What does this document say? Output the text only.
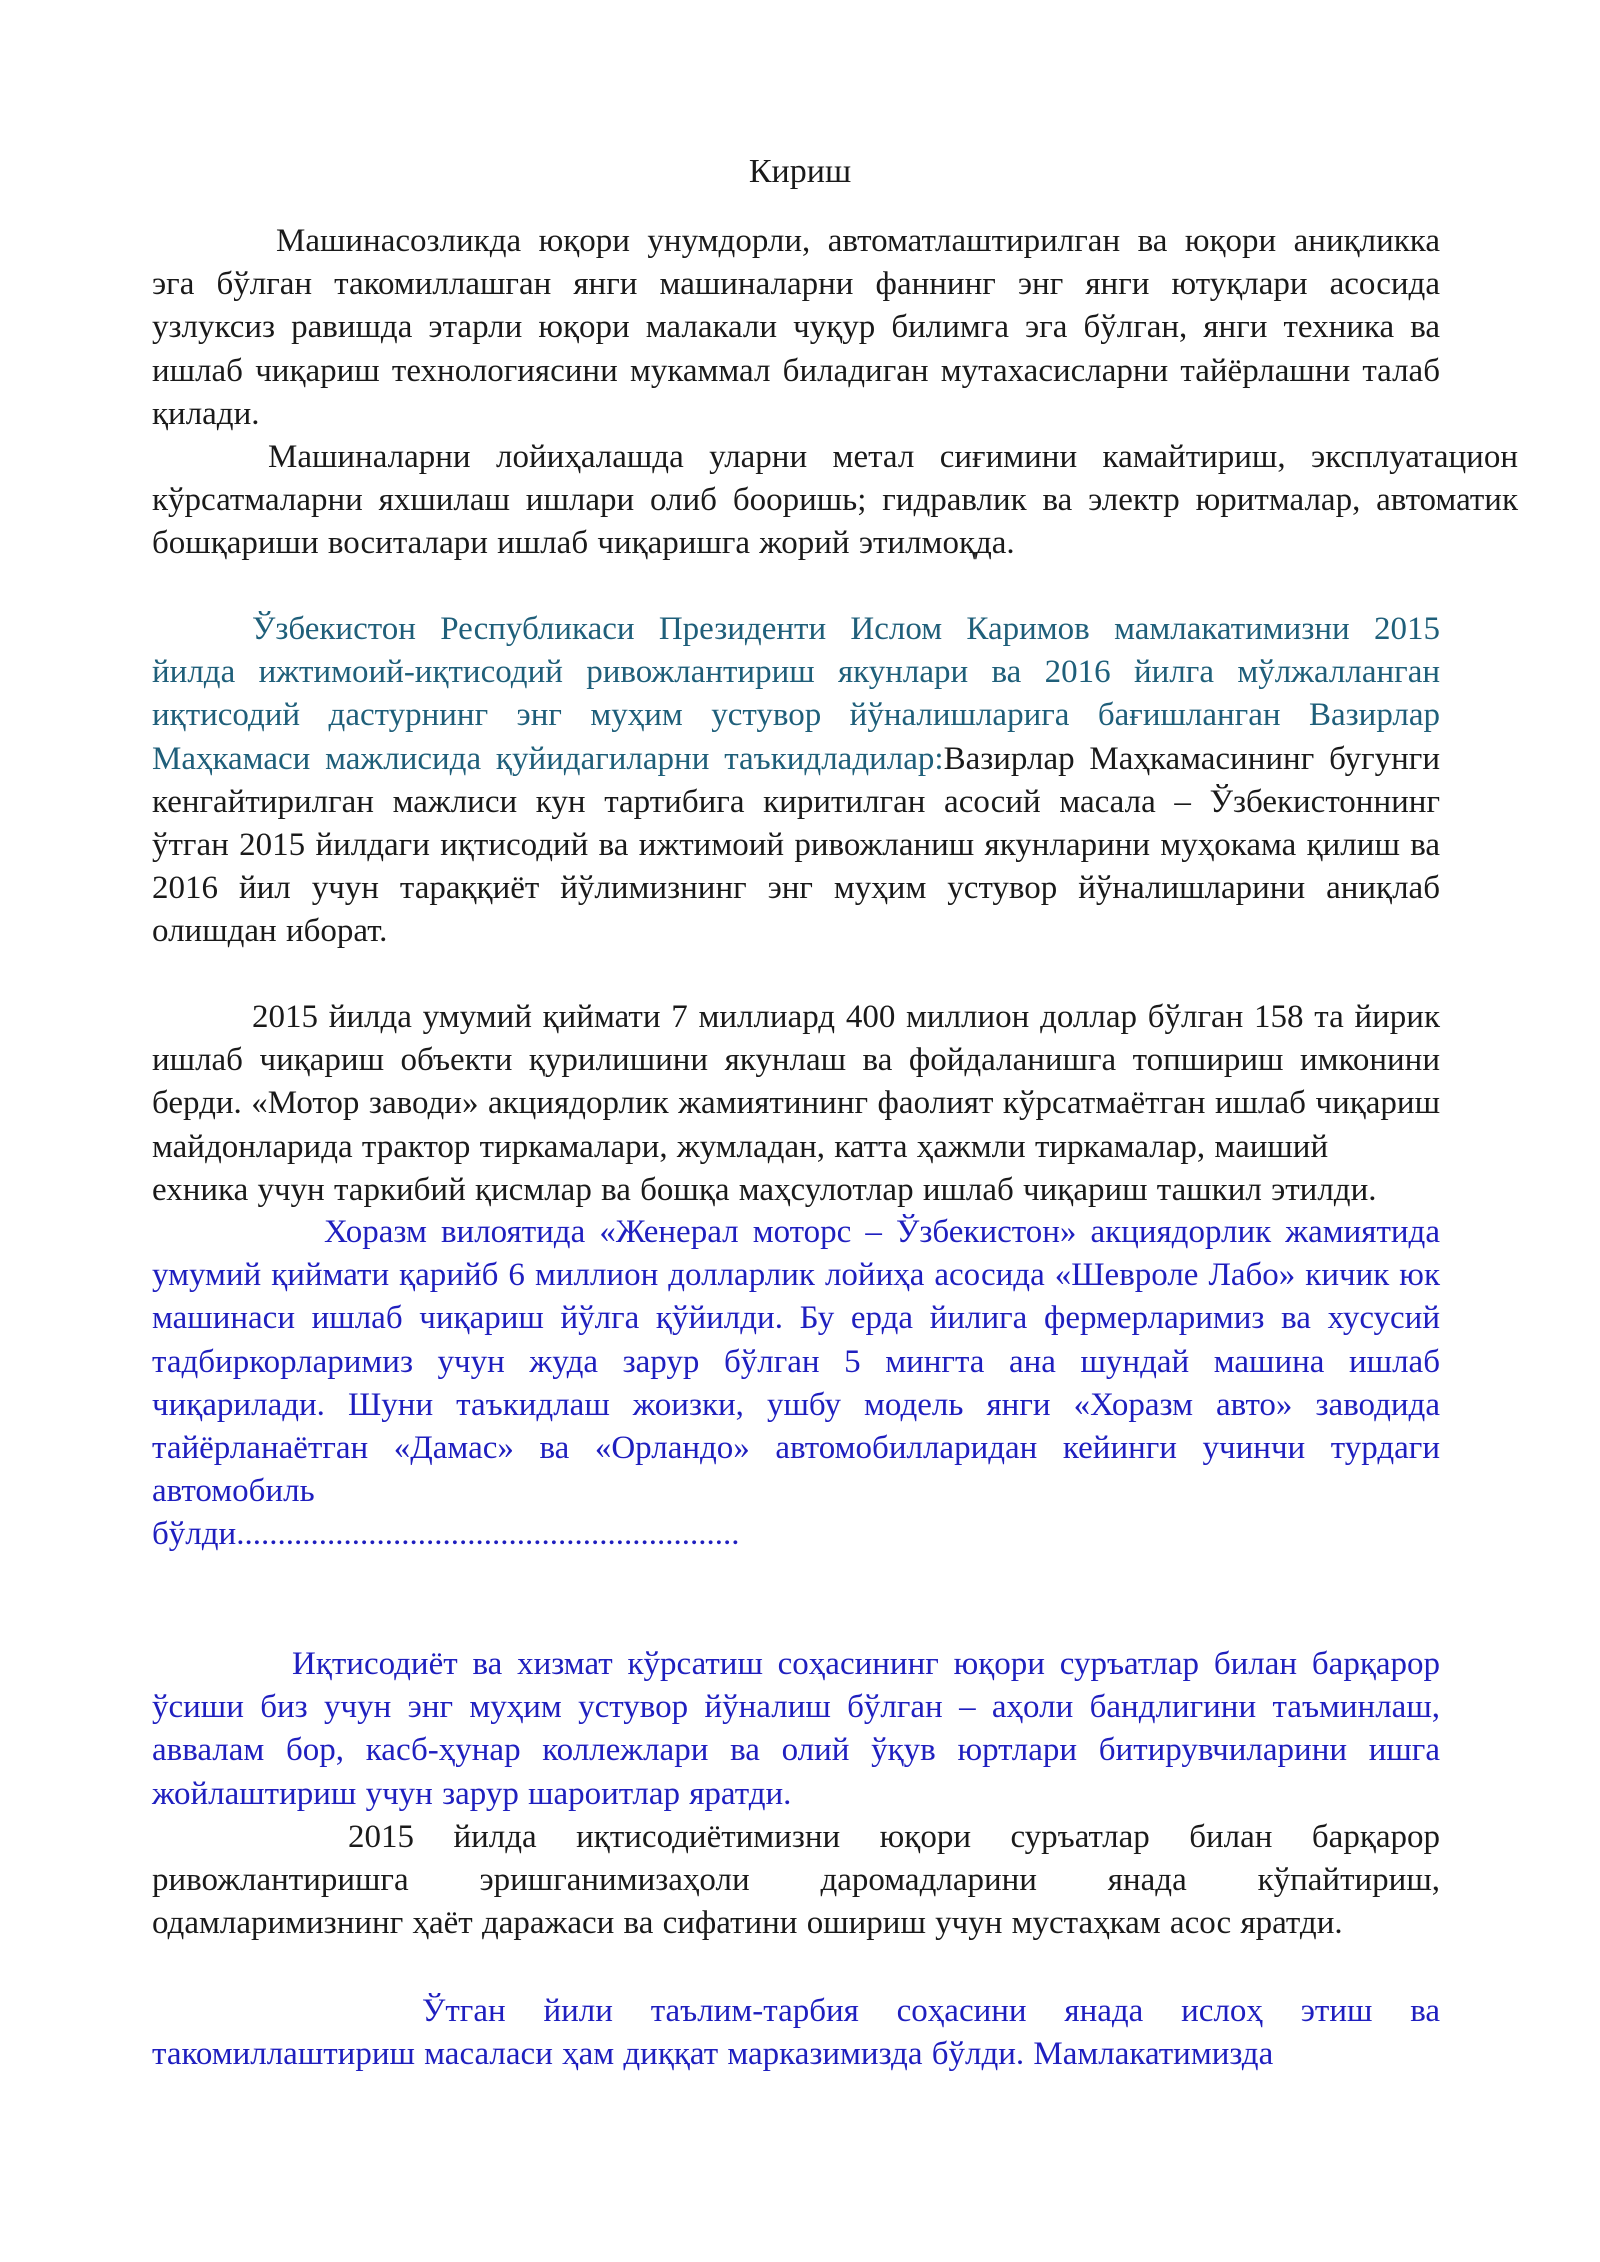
Кириш

Машинасозликда юқори унумдорли, автоматлаштирилган ва юқори аниқликка эга бўлган такомиллашган янги машиналарни фаннинг энг янги ютуқлари асосида узлуксиз равишда этарли юқори малакали чуқур билимга эга бўлган, янги техника ва ишлаб чиқариш технологиясини мукаммал биладиган мутахасисларни тайёрлашни талаб қилади.

Машиналарни лойиҳалашда уларни метал сиғимини камайтириш, эксплуатацион кўрсатмаларни яхшилаш ишлари олиб бооришь; гидравлик ва электр юритмалар, автоматик бошқариши воситалари ишлаб чиқаришга жорий этилмоқда.

Ўзбекистон Республикаси Президенти Ислом Каримов мамлакатимизни 2015 йилда ижтимоий-иқтисодий ривожлантириш якунлари ва 2016 йилга мўлжалланган иқтисодий дастурнинг энг муҳим устувор йўналишларига бағишланган Вазирлар Маҳкамаси мажлисида қуйидагиларни таъкидладилар:Вазирлар Маҳкамасининг бугунги кенгайтирилган мажлиси кун тартибига киритилган асосий масала – Ўзбекистоннинг ўтган 2015 йилдаги иқтисодий ва ижтимоий ривожланиш якунларини муҳокама қилиш ва 2016 йил учун тараққиёт йўлимизнинг энг муҳим устувор йўналишларини аниқлаб олишдан иборат.

2015 йилда умумий қиймати 7 миллиард 400 миллион доллар бўлган 158 та йирик ишлаб чиқариш объекти қурилишини якунлаш ва фойдаланишга топшириш имконини берди. «Мотор заводи» акциядорлик жамиятининг фаолият кўрсатмаётган ишлаб чиқариш майдонларида трактор тиркамалари, жумладан, катта ҳажмли тиркамалар, маиший
ехника учун таркибий қисмлар ва бошқа маҳсулотлар ишлаб чиқариш ташкил этилди.

Хоразм вилоятида «Женерал моторс – Ўзбекистон» акциядорлик жамиятида умумий қиймати қарийб 6 миллион долларлик лойиҳа асосида «Шевроле Лабо» кичик юк машинаси ишлаб чиқариш йўлга қўйилди. Бу ерда йилига фермерларимиз ва хусусий тадбиркорларимиз учун жуда зарур бўлган 5 мингта ана шундай машина ишлаб чиқарилади. Шуни таъкидлаш жоизки, ушбу модель янги «Хоразм авто» заводида тайёрланаётган «Дамас» ва «Орландо» автомобилларидан кейинги учинчи турдаги автомобиль
бўлди.............................................................

Иқтисодиёт ва хизмат кўрсатиш соҳасининг юқори суръатлар билан барқарор ўсиши биз учун энг муҳим устувор йўналиш бўлган – аҳоли бандлигини таъминлаш, аввалам бор, касб-ҳунар коллежлари ва олий ўқув юртлари битирувчиларини ишга жойлаштириш учун зарур шароитлар яратди.

2015 йилда иқтисодиётимизни юқори суръатлар билан барқарор ривожлантиришга эришганимизаҳоли даромадларини янада кўпайтириш, одамларимизнинг ҳаёт даражаси ва сифатини ошириш учун мустаҳкам асос яратди.

Ўтган йили таълим-тарбия соҳасини янада ислоҳ этиш ва такомиллаштириш масаласи ҳам диққат марказимизда бўлди. Мамлакатимизда
